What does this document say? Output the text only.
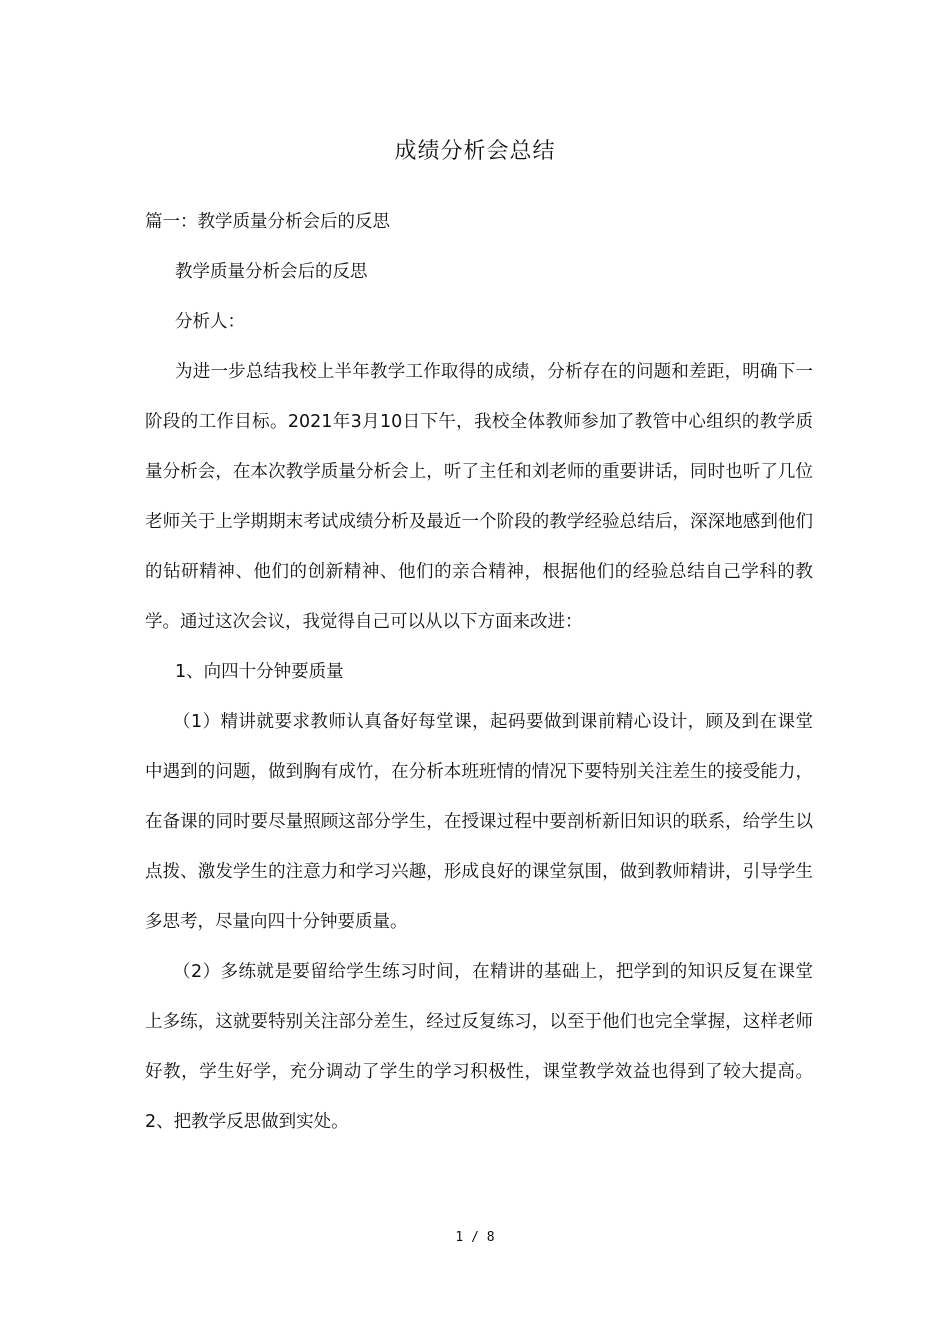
成绩分析会总结

篇一：教学质量分析会后的反思

教学质量分析会后的反思

分析人：

为进一步总结我校上半年教学工作取得的成绩，分析存在的问题和差距，明确下一阶段的工作目标。2021年3月10日下午，我校全体教师参加了教管中心组织的教学质量分析会，在本次教学质量分析会上，听了主任和刘老师的重要讲话，同时也听了几位老师关于上学期期末考试成绩分析及最近一个阶段的教学经验总结后，深深地感到他们的钻研精神、他们的创新精神、他们的亲合精神，根据他们的经验总结自己学科的教学。通过这次会议，我觉得自己可以从以下方面来改进：

1、向四十分钟要质量

（1）精讲就要求教师认真备好每堂课，起码要做到课前精心设计，顾及到在课堂中遇到的问题，做到胸有成竹，在分析本班班情的情况下要特别关注差生的接受能力，在备课的同时要尽量照顾这部分学生，在授课过程中要剖析新旧知识的联系，给学生以点拨、激发学生的注意力和学习兴趣，形成良好的课堂氛围，做到教师精讲，引导学生多思考，尽量向四十分钟要质量。

（2）多练就是要留给学生练习时间，在精讲的基础上，把学到的知识反复在课堂上多练，这就要特别关注部分差生，经过反复练习，以至于他们也完全掌握，这样老师好教，学生好学，充分调动了学生的学习积极性，课堂教学效益也得到了较大提高。2、把教学反思做到实处。

1 / 8
